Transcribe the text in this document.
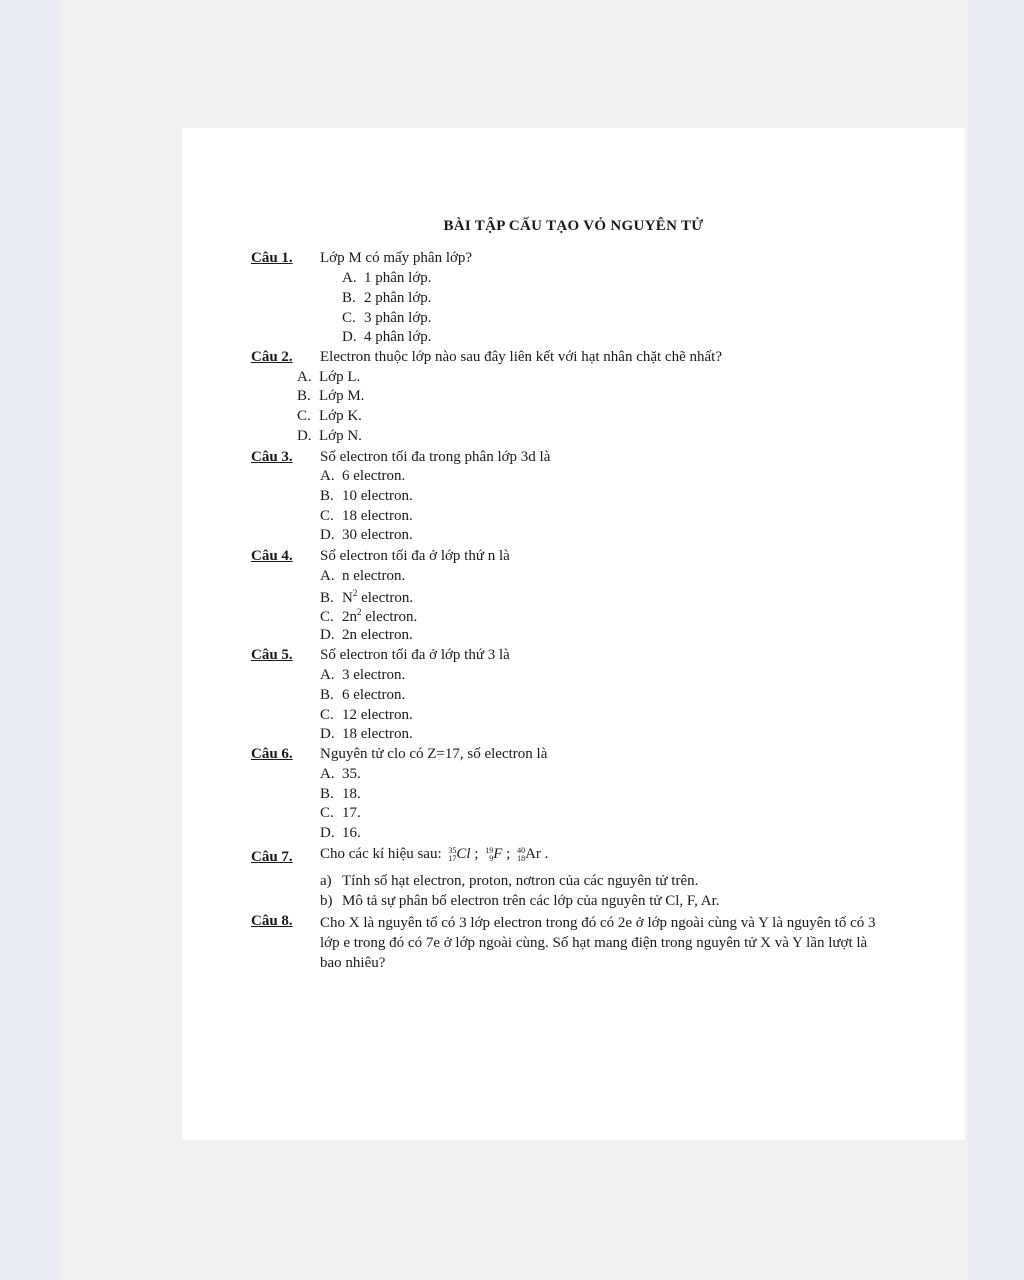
BÀI TẬP CẤU TẠO VỎ NGUYÊN TỬ
Câu 1. Lớp M có mấy phân lớp?
A. 1 phân lớp.
B. 2 phân lớp.
C. 3 phân lớp.
D. 4 phân lớp.
Câu 2. Electron thuộc lớp nào sau đây liên kết với hạt nhân chặt chẽ nhất?
A. Lớp L.
B. Lớp M.
C. Lớp K.
D. Lớp N.
Câu 3. Số electron tối đa trong phân lớp 3d là
A. 6 electron.
B. 10 electron.
C. 18 electron.
D. 30 electron.
Câu 4. Số electron tối đa ở lớp thứ n là
A. n electron.
B. $N^2$ electron.
C. $2n^2$ electron.
D. 2n electron.
Câu 5. Số electron tối đa ở lớp thứ 3 là
A. 3 electron.
B. 6 electron.
C. 12 electron.
D. 18 electron.
Câu 6. Nguyên tử clo có Z=17, số electron là
A. 35.
B. 18.
C. 17.
D. 16.
Câu 7. Cho các kí hiệu sau: 35
17 Cl ; 19
9 F ; 40
18 Ar .
a) Tính số hạt electron, proton, nơtron của các nguyên tử trên.
b) Mô tả sự phân bố electron trên các lớp của nguyên tử Cl, F, Ar.
Câu 8. Cho X là nguyên tố có 3 lớp electron trong đó có 2e ở lớp ngoài cùng và Y là nguyên tố có 3 lớp e trong đó có 7e ở lớp ngoài cùng. Số hạt mang điện trong nguyên tử X và Y lần lượt là bao nhiêu?
